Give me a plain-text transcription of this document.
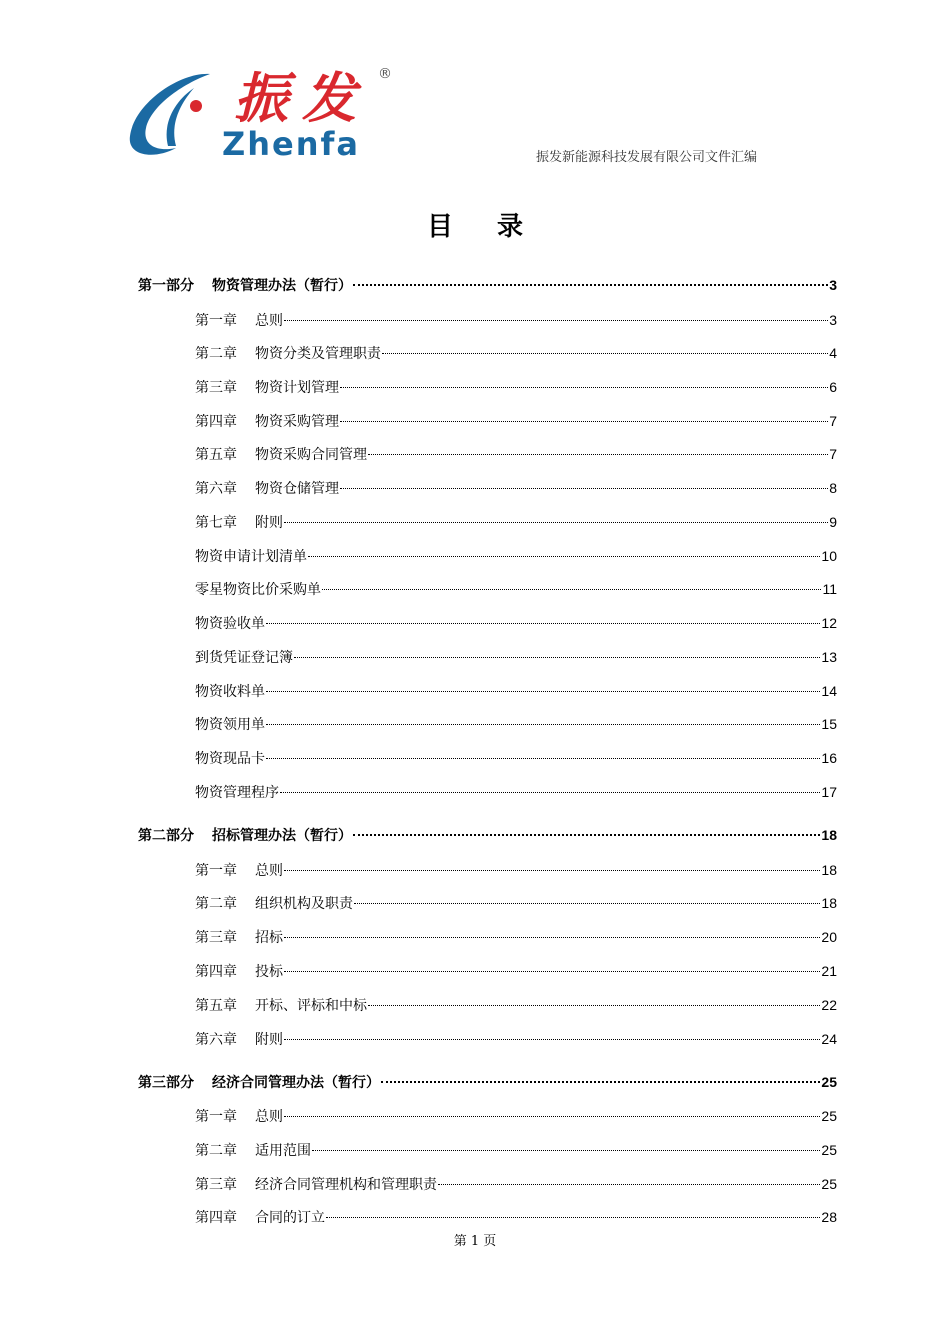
振发 ®
Zhenfa	振发新能源科技发展有限公司文件汇编
目录
第一部分 物资管理办法（暂行）	3
第一章 总则	3
第二章 物资分类及管理职责	4
第三章 物资计划管理	6
第四章 物资采购管理	7
第五章 物资采购合同管理	7
第六章 物资仓储管理	8
第七章 附则	9
物资申请计划清单	10
零星物资比价采购单	11
物资验收单	12
到货凭证登记簿	13
物资收料单	14
物资领用单	15
物资现品卡	16
物资管理程序	17
第二部分 招标管理办法（暂行）	18
第一章 总则	18
第二章 组织机构及职责	18
第三章 招标	20
第四章 投标	21
第五章 开标、评标和中标	22
第六章 附则	24
第三部分 经济合同管理办法（暂行）	25
第一章 总则	25
第二章 适用范围	25
第三章 经济合同管理机构和管理职责	25
第四章 合同的订立	28
第 1 页
